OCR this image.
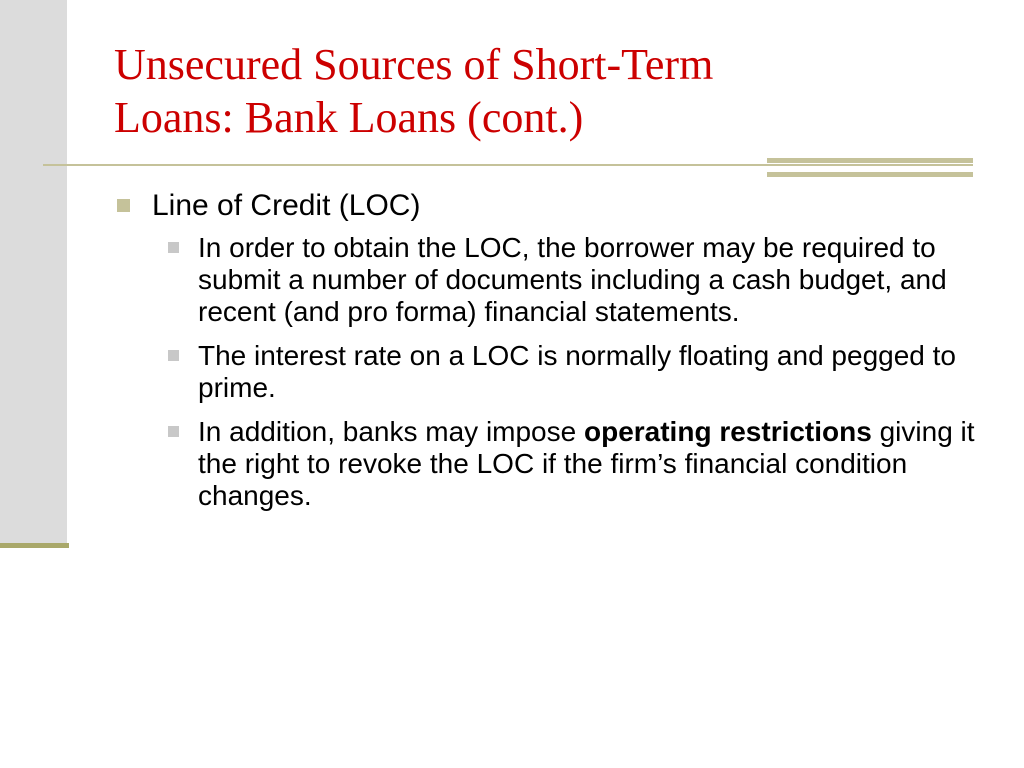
Unsecured Sources of Short-Term
Loans: Bank Loans (cont.)
Line of Credit (LOC)
In order to obtain the LOC, the borrower may be required to submit a number of documents including a cash budget, and recent (and pro forma) financial statements.
The interest rate on a LOC is normally floating and pegged to prime.
In addition, banks may impose operating restrictions giving it the right to revoke the LOC if the firm’s financial condition changes.
